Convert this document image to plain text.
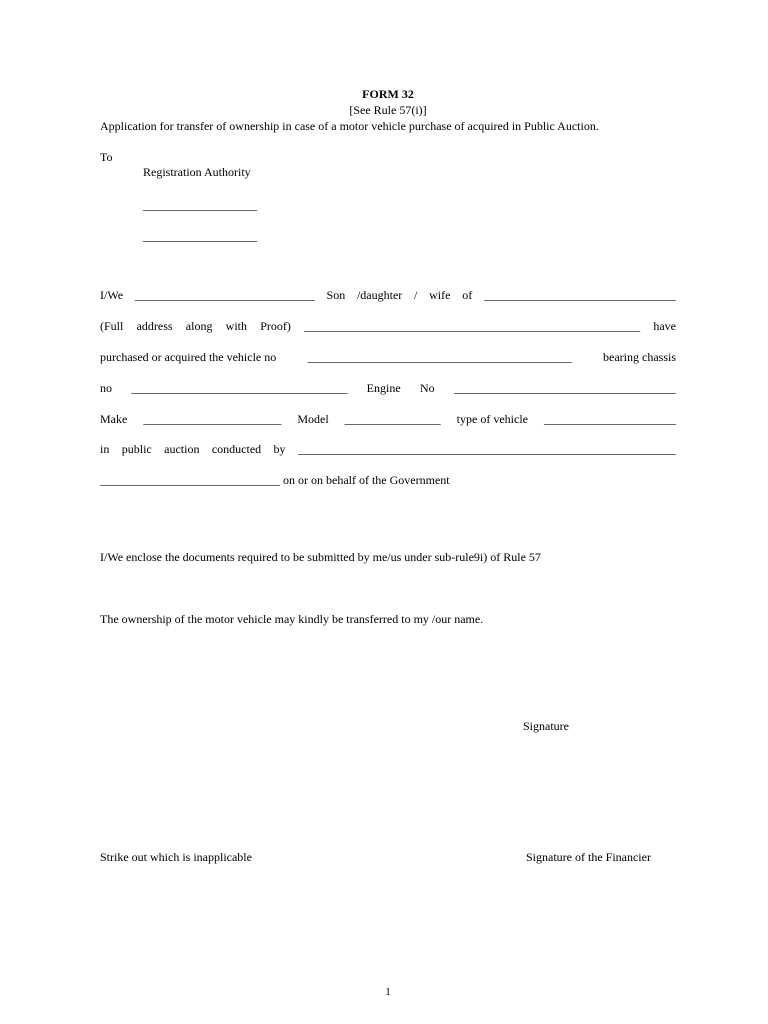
FORM 32
[See Rule 57(i)]
Application for transfer of ownership in case of a motor vehicle purchase of acquired in Public Auction.
To
Registration Authority
___________________
___________________
I/We ______________________________ Son /daughter / wife of ________________________________
(Full address along with Proof) ________________________________________________________ have
purchased or acquired the vehicle no	____________________________________________	bearing chassis
no ____________________________________ Engine No _____________________________________
Make _______________________ Model ________________ type of vehicle ______________________
in public auction conducted by _______________________________________________________________
______________________________ on or on behalf of the Government
I/We enclose the documents required to be submitted by me/us under sub-rule9i) of Rule 57
The ownership of the motor vehicle may kindly be transferred to my /our name.
Signature
Strike out which is inapplicable	Signature of the Financier
1
